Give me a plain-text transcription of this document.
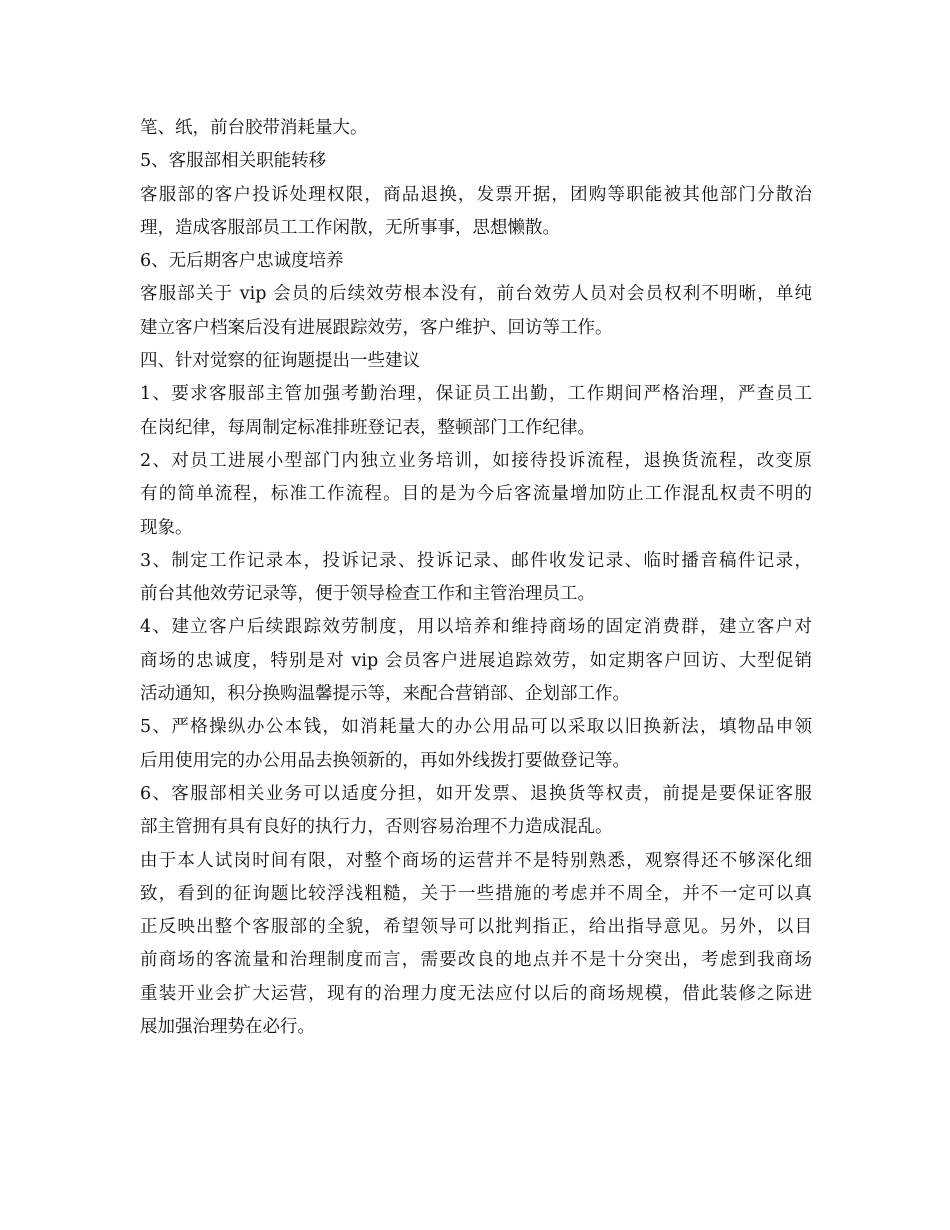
笔、纸，前台胶带消耗量大。
5、客服部相关职能转移
客服部的客户投诉处理权限，商品退换，发票开据，团购等职能被其他部门分散治
理，造成客服部员工工作闲散，无所事事，思想懒散。
6、无后期客户忠诚度培养
客服部关于 vip 会员的后续效劳根本没有，前台效劳人员对会员权利不明晰，单纯
建立客户档案后没有进展跟踪效劳，客户维护、回访等工作。
四、针对觉察的征询题提出一些建议
1、要求客服部主管加强考勤治理，保证员工出勤，工作期间严格治理，严查员工
在岗纪律，每周制定标准排班登记表，整顿部门工作纪律。
2、对员工进展小型部门内独立业务培训，如接待投诉流程，退换货流程，改变原
有的简单流程，标准工作流程。目的是为今后客流量增加防止工作混乱权责不明的
现象。
3、制定工作记录本，投诉记录、投诉记录、邮件收发记录、临时播音稿件记录，
前台其他效劳记录等，便于领导检查工作和主管治理员工。
4、建立客户后续跟踪效劳制度，用以培养和维持商场的固定消费群，建立客户对
商场的忠诚度，特别是对 vip 会员客户进展追踪效劳，如定期客户回访、大型促销
活动通知，积分换购温馨提示等，来配合营销部、企划部工作。
5、严格操纵办公本钱，如消耗量大的办公用品可以采取以旧换新法，填物品申领
后用使用完的办公用品去换领新的，再如外线拨打要做登记等。
6、客服部相关业务可以适度分担，如开发票、退换货等权责，前提是要保证客服
部主管拥有具有良好的执行力，否则容易治理不力造成混乱。
由于本人试岗时间有限，对整个商场的运营并不是特别熟悉，观察得还不够深化细
致，看到的征询题比较浮浅粗糙，关于一些措施的考虑并不周全，并不一定可以真
正反映出整个客服部的全貌，希望领导可以批判指正，给出指导意见。另外，以目
前商场的客流量和治理制度而言，需要改良的地点并不是十分突出，考虑到我商场
重装开业会扩大运营，现有的治理力度无法应付以后的商场规模，借此装修之际进
展加强治理势在必行。
